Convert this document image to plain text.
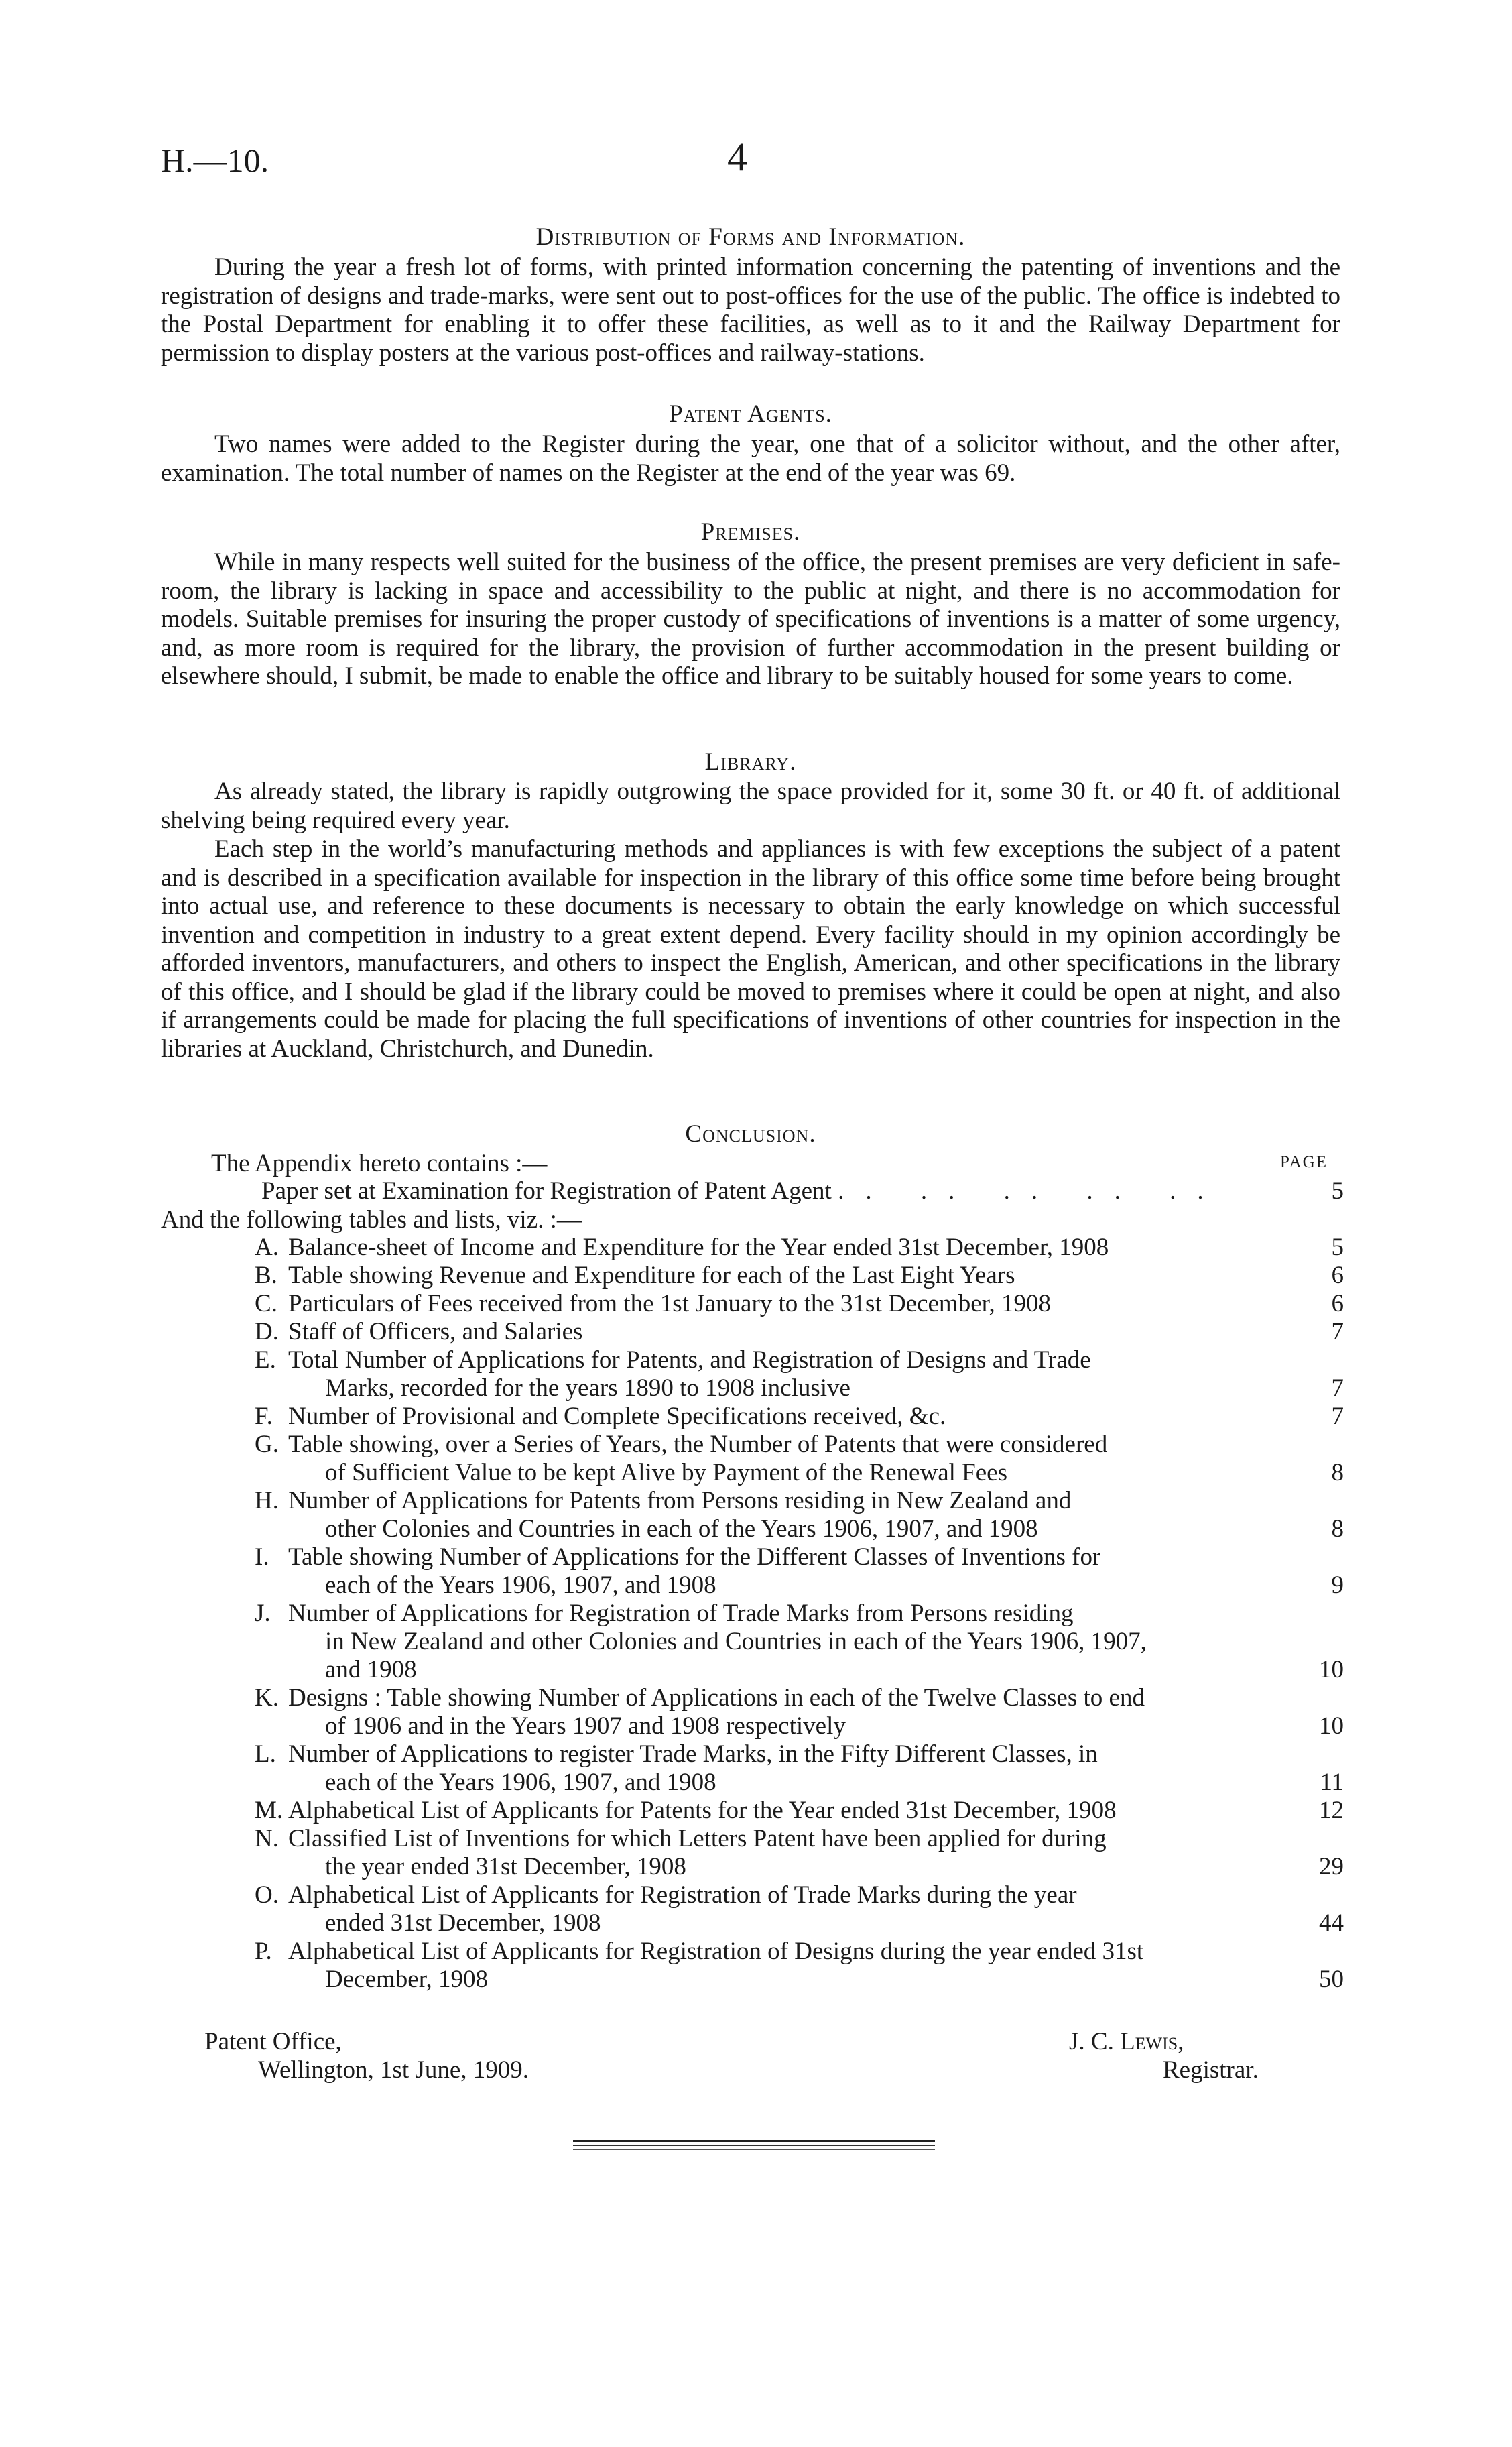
H.—10.	4
Distribution of Forms and Information.

During the year a fresh lot of forms, with printed information concerning the patenting of inventions and the registration of designs and trade-marks, were sent out to post-offices for the use of the public. The office is indebted to the Postal Department for enabling it to offer these facilities, as well as to it and the Railway Department for permission to display posters at the various post-offices and railway-stations.

Patent Agents.

Two names were added to the Register during the year, one that of a solicitor without, and the other after, examination. The total number of names on the Register at the end of the year was 69.

Premises.

While in many respects well suited for the business of the office, the present premises are very deficient in safe-room, the library is lacking in space and accessibility to the public at night, and there is no accommodation for models. Suitable premises for insuring the proper custody of specifications of inventions is a matter of some urgency, and, as more room is required for the library, the provision of further accommodation in the present building or elsewhere should, I submit, be made to enable the office and library to be suitably housed for some years to come.

Library.

As already stated, the library is rapidly outgrowing the space provided for it, some 30 ft. or 40 ft. of additional shelving being required every year.

Each step in the world’s manufacturing methods and appliances is with few exceptions the subject of a patent and is described in a specification available for inspection in the library of this office some time before being brought into actual use, and reference to these documents is necessary to obtain the early knowledge on which successful invention and competition in industry to a great extent depend. Every facility should in my opinion accordingly be afforded inventors, manufacturers, and others to inspect the English, American, and other specifications in the library of this office, and I should be glad if the library could be moved to premises where it could be open at night, and also if arrangements could be made for placing the full specifications of inventions of other countries for inspection in the libraries at Auckland, Christchurch, and Dunedin.

Conclusion.
The Appendix hereto contains :—	PAGE
Paper set at Examination for Registration of Patent Agent .. .. .. .. ..	5
And the following tables and lists, viz. :—
A. Balance-sheet of Income and Expenditure for the Year ended 31st December, 1908	5
B. Table showing Revenue and Expenditure for each of the Last Eight Years	6
C. Particulars of Fees received from the 1st January to the 31st December, 1908	6
D. Staff of Officers, and Salaries	7
E. Total Number of Applications for Patents, and Registration of Designs and Trade
Marks, recorded for the years 1890 to 1908 inclusive	7
F. Number of Provisional and Complete Specifications received, &c.	7
G. Table showing, over a Series of Years, the Number of Patents that were considered
of Sufficient Value to be kept Alive by Payment of the Renewal Fees	8
H. Number of Applications for Patents from Persons residing in New Zealand and
other Colonies and Countries in each of the Years 1906, 1907, and 1908	8
I. Table showing Number of Applications for the Different Classes of Inventions for
each of the Years 1906, 1907, and 1908	9
J. Number of Applications for Registration of Trade Marks from Persons residing
in New Zealand and other Colonies and Countries in each of the Years 1906, 1907,
and 1908	10
K. Designs : Table showing Number of Applications in each of the Twelve Classes to end
of 1906 and in the Years 1907 and 1908 respectively	10
L. Number of Applications to register Trade Marks, in the Fifty Different Classes, in
each of the Years 1906, 1907, and 1908	11
M. Alphabetical List of Applicants for Patents for the Year ended 31st December, 1908	12
N. Classified List of Inventions for which Letters Patent have been applied for during
the year ended 31st December, 1908	29
O. Alphabetical List of Applicants for Registration of Trade Marks during the year
ended 31st December, 1908	44
P. Alphabetical List of Applicants for Registration of Designs during the year ended 31st
December, 1908	50
Patent Office,
Wellington, 1st June, 1909.
J. C. Lewis,
Registrar.
